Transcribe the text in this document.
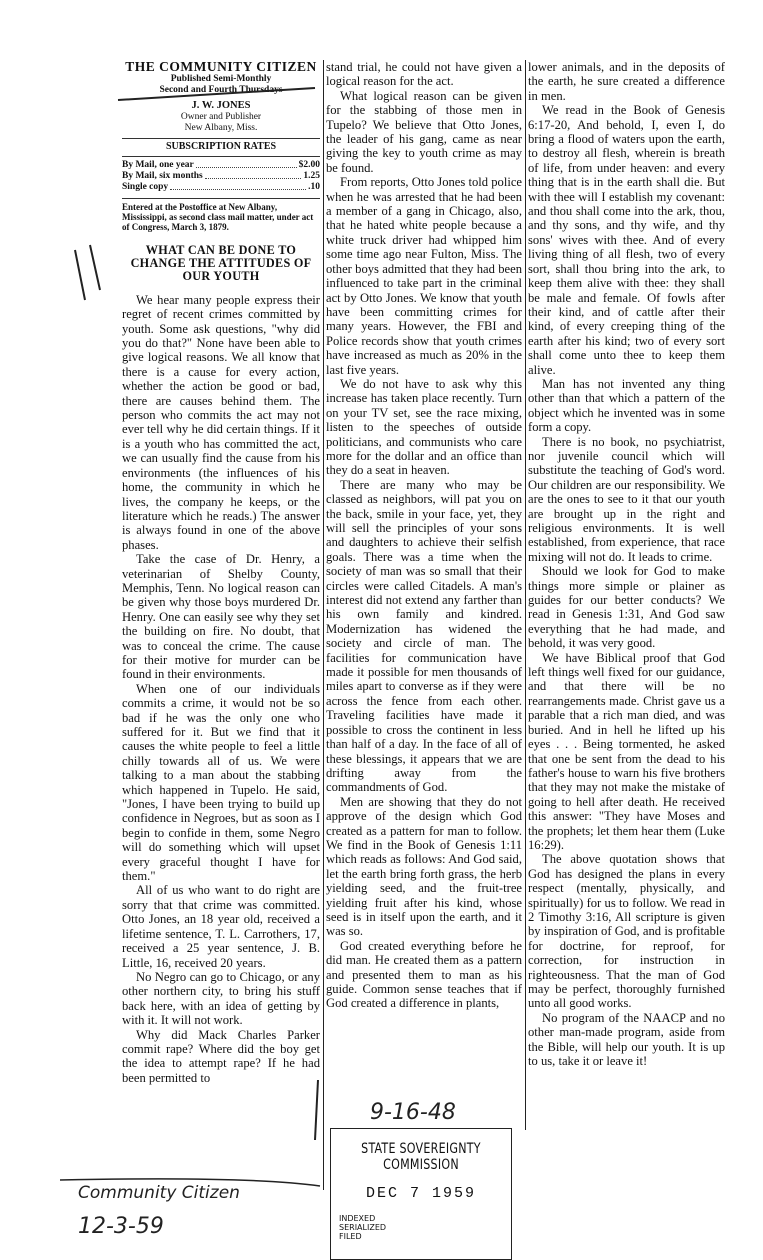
THE COMMUNITY CITIZEN
Published Semi-Monthly
Second and Fourth Thursdays
J. W. JONES
Owner and Publisher
New Albany, Miss.
SUBSCRIPTION RATES
By Mail, one year	$2.00
By Mail, six months	1.25
Single copy	.10
Entered at the Postoffice at New Albany, Mississippi, as second class mail matter, under act of Congress, March 3, 1879.
WHAT CAN BE DONE TO CHANGE THE ATTITUDES OF OUR YOUTH

We hear many people express their regret of recent crimes committed by youth. Some ask questions, "why did you do that?" None have been able to give logical reasons. We all know that there is a cause for every action, whether the action be good or bad, there are causes behind them. The person who commits the act may not ever tell why he did certain things. If it is a youth who has committed the act, we can usually find the cause from his environments (the influences of his home, the community in which he lives, the company he keeps, or the literature which he reads.) The answer is always found in one of the above phases.

Take the case of Dr. Henry, a veterinarian of Shelby County, Memphis, Tenn. No logical reason can be given why those boys murdered Dr. Henry. One can easily see why they set the building on fire. No doubt, that was to conceal the crime. The cause for their motive for murder can be found in their environments.

When one of our individuals commits a crime, it would not be so bad if he was the only one who suffered for it. But we find that it causes the white people to feel a little chilly towards all of us. We were talking to a man about the stabbing which happened in Tupelo. He said, "Jones, I have been trying to build up confidence in Negroes, but as soon as I begin to confide in them, some Negro will do something which will upset every graceful thought I have for them."

All of us who want to do right are sorry that that crime was committed. Otto Jones, an 18 year old, received a lifetime sentence, T. L. Carrothers, 17, received a 25 year sentence, J. B. Little, 16, received 20 years.

No Negro can go to Chicago, or any other northern city, to bring his stuff back here, with an idea of getting by with it. It will not work.

Why did Mack Charles Parker commit rape? Where did the boy get the idea to attempt rape? If he had been permitted to

stand trial, he could not have given a logical reason for the act.

What logical reason can be given for the stabbing of those men in Tupelo? We believe that Otto Jones, the leader of his gang, came as near giving the key to youth crime as may be found.

From reports, Otto Jones told police when he was arrested that he had been a member of a gang in Chicago, also, that he hated white people because a white truck driver had whipped him some time ago near Fulton, Miss. The other boys admitted that they had been influenced to take part in the criminal act by Otto Jones. We know that youth have been committing crimes for many years. However, the FBI and Police records show that youth crimes have increased as much as 20% in the last five years.

We do not have to ask why this increase has taken place recently. Turn on your TV set, see the race mixing, listen to the speeches of outside politicians, and communists who care more for the dollar and an office than they do a seat in heaven.

There are many who may be classed as neighbors, will pat you on the back, smile in your face, yet, they will sell the principles of your sons and daughters to achieve their selfish goals. There was a time when the society of man was so small that their circles were called Citadels. A man's interest did not extend any farther than his own family and kindred. Modernization has widened the society and circle of man. The facilities for communication have made it possible for men thousands of miles apart to converse as if they were across the fence from each other. Traveling facilities have made it possible to cross the continent in less than half of a day. In the face of all of these blessings, it appears that we are drifting away from the commandments of God.

Men are showing that they do not approve of the design which God created as a pattern for man to follow. We find in the Book of Genesis 1:11 which reads as follows: And God said, let the earth bring forth grass, the herb yielding seed, and the fruit-tree yielding fruit after his kind, whose seed is in itself upon the earth, and it was so.

God created everything before he did man. He created them as a pattern and presented them to man as his guide. Common sense teaches that if God created a difference in plants,

lower animals, and in the deposits of the earth, he sure created a difference in men.

We read in the Book of Genesis 6:17-20, And behold, I, even I, do bring a flood of waters upon the earth, to destroy all flesh, wherein is breath of life, from under heaven: and every thing that is in the earth shall die. But with thee will I establish my covenant: and thou shall come into the ark, thou, and thy sons, and thy wife, and thy sons' wives with thee. And of every living thing of all flesh, two of every sort, shall thou bring into the ark, to keep them alive with thee: they shall be male and female. Of fowls after their kind, and of cattle after their kind, of every creeping thing of the earth after his kind; two of every sort shall come unto thee to keep them alive.

Man has not invented any thing other than that which a pattern of the object which he invented was in some form a copy.

There is no book, no psychiatrist, nor juvenile council which will substitute the teaching of God's word. Our children are our responsibility. We are the ones to see to it that our youth are brought up in the right and religious environments. It is well established, from experience, that race mixing will not do. It leads to crime.

Should we look for God to make things more simple or plainer as guides for our better conducts? We read in Genesis 1:31, And God saw everything that he had made, and behold, it was very good.

We have Biblical proof that God left things well fixed for our guidance, and that there will be no rearrangements made. Christ gave us a parable that a rich man died, and was buried. And in hell he lifted up his eyes . . . Being tormented, he asked that one be sent from the dead to his father's house to warn his five brothers that they may not make the mistake of going to hell after death. He received this answer: "They have Moses and the prophets; let them hear them (Luke 16:29).

The above quotation shows that God has designed the plans in every respect (mentally, physically, and spiritually) for us to follow. We read in 2 Timothy 3:16, All scripture is given by inspiration of God, and is profitable for doctrine, for reproof, for correction, for instruction in righteousness. That the man of God may be perfect, thoroughly furnished unto all good works.

No program of the NAACP and no other man-made program, aside from the Bible, will help our youth. It is up to us, take it or leave it!

9-16-48
Community Citizen
12-3-59
STATE SOVEREIGNTY COMMISSION
DEC 7 1959
INDEXED
SERIALIZED
FILED
